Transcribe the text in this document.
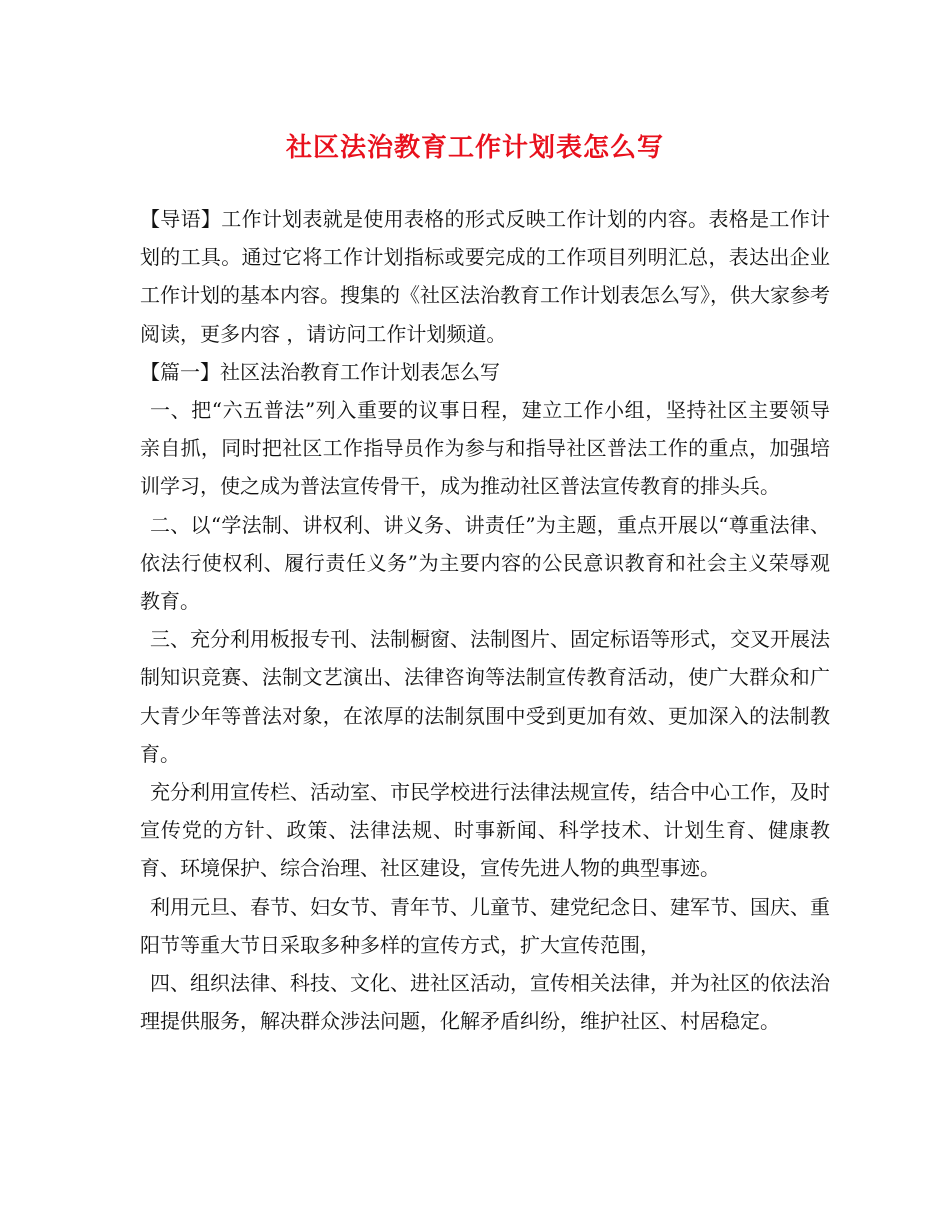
社区法治教育工作计划表怎么写

【导语】工作计划表就是使用表格的形式反映工作计划的内容。表格是工作计划的工具。通过它将工作计划指标或要完成的工作项目列明汇总，表达出企业工作计划的基本内容。搜集的《社区法治教育工作计划表怎么写》，供大家参考阅读，更多内容 ，请访问工作计划频道。

【篇一】社区法治教育工作计划表怎么写

一、把“六五普法”列入重要的议事日程，建立工作小组，坚持社区主要领导亲自抓，同时把社区工作指导员作为参与和指导社区普法工作的重点，加强培训学习，使之成为普法宣传骨干，成为推动社区普法宣传教育的排头兵。

二、以“学法制、讲权利、讲义务、讲责任”为主题，重点开展以“尊重法律、依法行使权利、履行责任义务”为主要内容的公民意识教育和社会主义荣辱观教育。

三、充分利用板报专刊、法制橱窗、法制图片、固定标语等形式，交叉开展法制知识竞赛、法制文艺演出、法律咨询等法制宣传教育活动，使广大群众和广大青少年等普法对象，在浓厚的法制氛围中受到更加有效、更加深入的法制教育。

充分利用宣传栏、活动室、市民学校进行法律法规宣传，结合中心工作，及时宣传党的方针、政策、法律法规、时事新闻、科学技术、计划生育、健康教育、环境保护、综合治理、社区建设，宣传先进人物的典型事迹。

利用元旦、春节、妇女节、青年节、儿童节、建党纪念日、建军节、国庆、重阳节等重大节日采取多种多样的宣传方式，扩大宣传范围，

四、组织法律、科技、文化、进社区活动，宣传相关法律，并为社区的依法治理提供服务，解决群众涉法问题，化解矛盾纠纷，维护社区、村居稳定。
